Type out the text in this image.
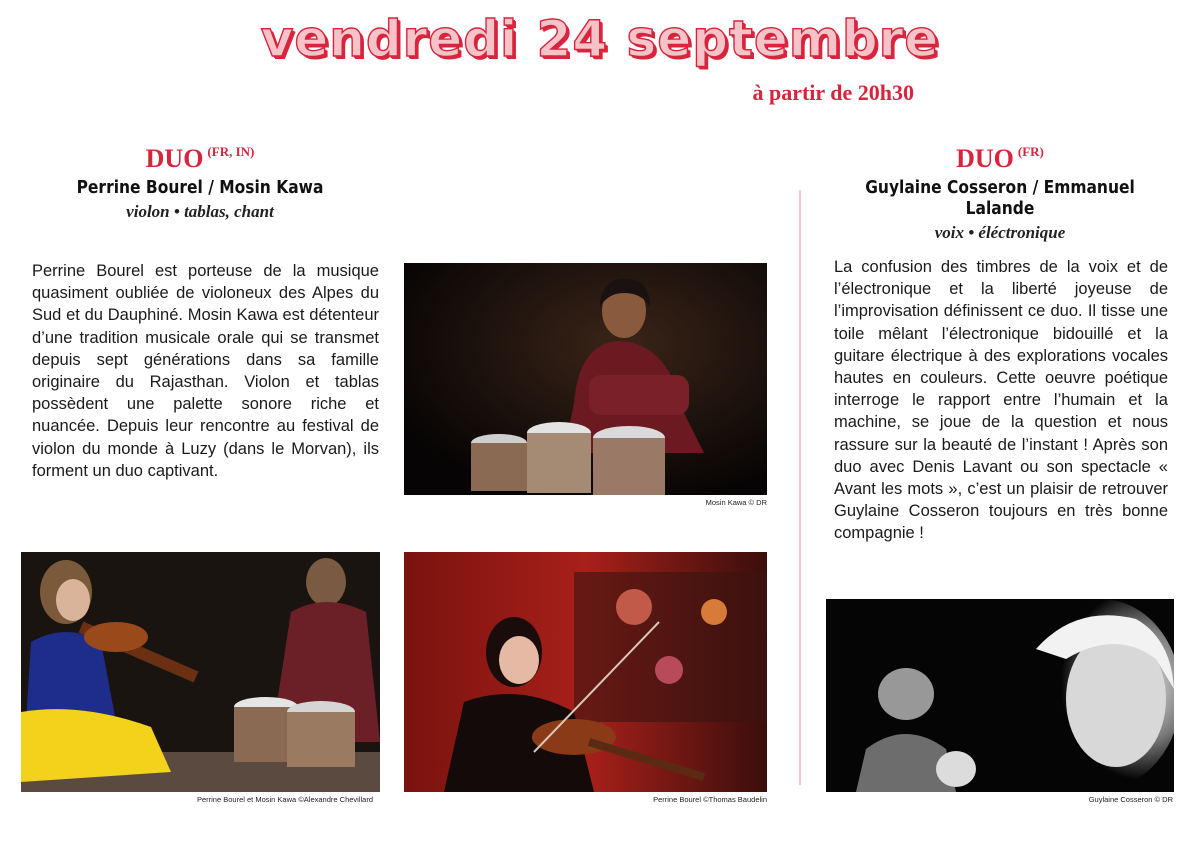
vendredi 24 septembre
à partir de 20h30
DUO $^{(FR, IN)}$
Perrine Bourel / Mosin Kawa
violon • tablas, chant
Perrine Bourel est porteuse de la musique quasiment oubliée de violoneux des Alpes du Sud et du Dauphiné. Mosin Kawa est détenteur d’une tradition musicale orale qui se transmet depuis sept générations dans sa famille originaire du Rajasthan. Violon et tablas possèdent une palette sonore riche et nuancée. Depuis leur rencontre au festival de violon du monde à Luzy (dans le Morvan), ils forment un duo captivant.
Mosin Kawa © DR
Perrine Bourel et Mosin Kawa ©Alexandre Chevillard	Perrine Bourel ©Thomas Baudelin
DUO $^{(FR)}$
Guylaine Cosseron / Emmanuel Lalande
voix • éléctronique
La confusion des timbres de la voix et de l’électronique et la liberté joyeuse de l’improvisation définissent ce duo. Il tisse une toile mêlant l’électronique bidouillé et la guitare électrique à des explorations vocales hautes en couleurs. Cette oeuvre poétique interroge le rapport entre l’humain et la machine, se joue de la question et nous rassure sur la beauté de l’instant ! Après son duo avec Denis Lavant ou son spectacle « Avant les mots », c’est un plaisir de retrouver Guylaine Cosseron toujours en très bonne compagnie !
Guylaine Cosseron © DR
